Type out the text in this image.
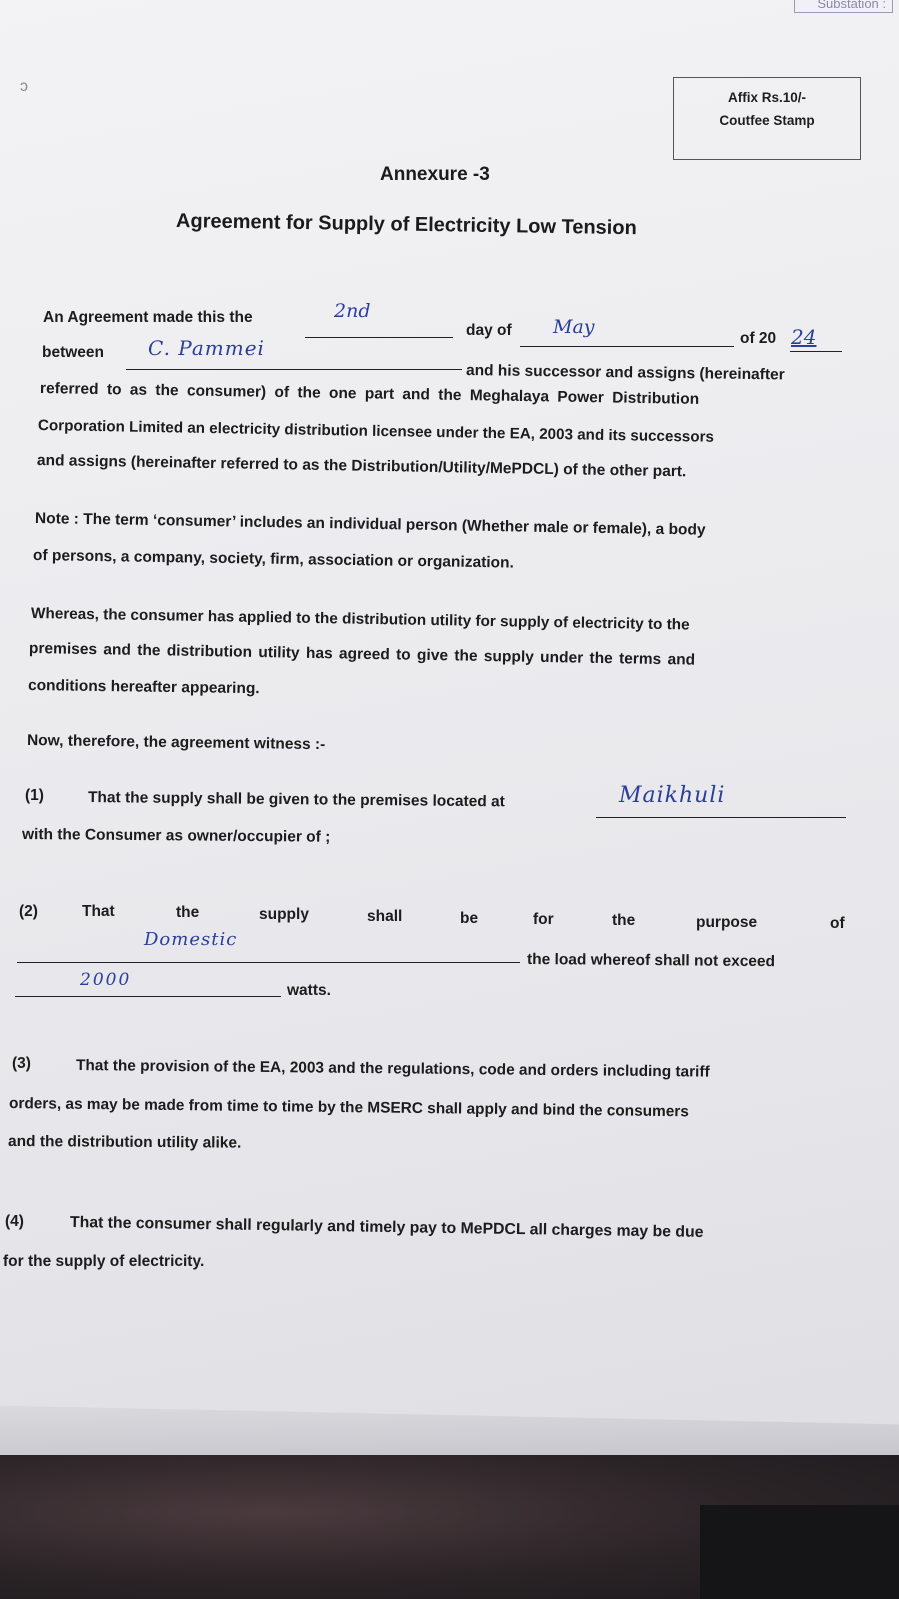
Substation :
ↄ
Affix Rs.10/-
Coutfee Stamp
Annexure -3
Agreement for Supply of Electricity Low Tension
An Agreement made this the	2nd
day of May
of 20 24
between C. Pammei
and his successor and assigns (hereinafter
referred to as the consumer) of the one part and the Meghalaya Power Distribution
Corporation Limited an electricity distribution licensee under the EA, 2003 and its successors
and assigns (hereinafter referred to as the Distribution/Utility/MePDCL) of the other part.
Note : The term ‘consumer’ includes an individual person (Whether male or female), a body
of persons, a company, society, firm, association or organization.
Whereas, the consumer has applied to the distribution utility for supply of electricity to the
premises and the distribution utility has agreed to give the supply under the terms and
conditions hereafter appearing.
Now, therefore, the agreement witness :-
(1)	That the supply shall be given to the premises located at	Maikhuli
with the Consumer as owner/occupier of ;
(2)	That	the	supply	shall	be	for	the	purpose	of
Domestic
the load whereof shall not exceed
2000
watts.
(3)	That the provision of the EA, 2003 and the regulations, code and orders including tariff
orders, as may be made from time to time by the MSERC shall apply and bind the consumers
and the distribution utility alike.
(4)	That the consumer shall regularly and timely pay to MePDCL all charges may be due
for the supply of electricity.
